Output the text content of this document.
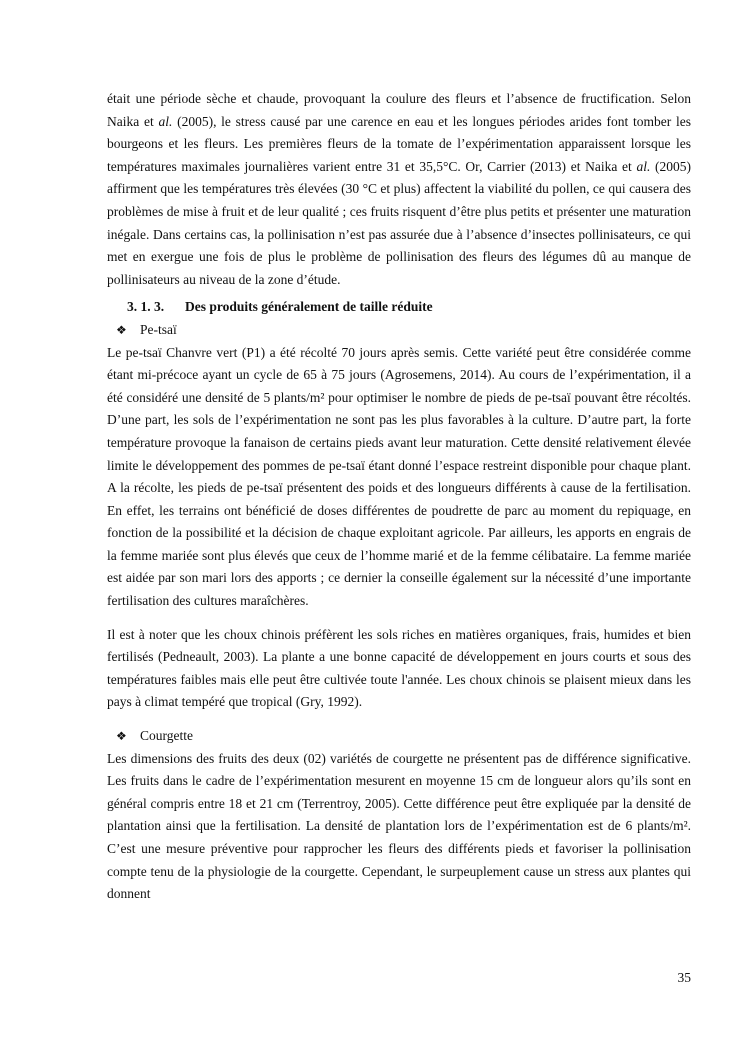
était une période sèche et chaude, provoquant la coulure des fleurs et l’absence de fructification. Selon Naika et al. (2005), le stress causé par une carence en eau et les longues périodes arides font tomber les bourgeons et les fleurs. Les premières fleurs de la tomate de l’expérimentation apparaissent lorsque les températures maximales journalières varient entre 31 et 35,5°C. Or, Carrier (2013) et Naika et al. (2005) affirment que les températures très élevées (30 °C et plus) affectent la viabilité du pollen, ce qui causera des problèmes de mise à fruit et de leur qualité ; ces fruits risquent d’être plus petits et présenter une maturation inégale. Dans certains cas, la pollinisation n’est pas assurée due à l’absence d’insectes pollinisateurs, ce qui met en exergue une fois de plus le problème de pollinisation des fleurs des légumes dû au manque de pollinisateurs au niveau de la zone d’étude.

3. 1. 3. Des produits généralement de taille réduite
❖ Pe-tsaï

Le pe-tsaï Chanvre vert (P1) a été récolté 70 jours après semis. Cette variété peut être considérée comme étant mi-précoce ayant un cycle de 65 à 75 jours (Agrosemens, 2014). Au cours de l’expérimentation, il a été considéré une densité de 5 plants/m² pour optimiser le nombre de pieds de pe-tsaï pouvant être récoltés. D’une part, les sols de l’expérimentation ne sont pas les plus favorables à la culture. D’autre part, la forte température provoque la fanaison de certains pieds avant leur maturation. Cette densité relativement élevée limite le développement des pommes de pe-tsaï étant donné l’espace restreint disponible pour chaque plant. A la récolte, les pieds de pe-tsaï présentent des poids et des longueurs différents à cause de la fertilisation. En effet, les terrains ont bénéficié de doses différentes de poudrette de parc au moment du repiquage, en fonction de la possibilité et la décision de chaque exploitant agricole. Par ailleurs, les apports en engrais de la femme mariée sont plus élevés que ceux de l’homme marié et de la femme célibataire. La femme mariée est aidée par son mari lors des apports ; ce dernier la conseille également sur la nécessité d’une importante fertilisation des cultures maraîchères.

Il est à noter que les choux chinois préfèrent les sols riches en matières organiques, frais, humides et bien fertilisés (Pedneault, 2003). La plante a une bonne capacité de développement en jours courts et sous des températures faibles mais elle peut être cultivée toute l'année. Les choux chinois se plaisent mieux dans les pays à climat tempéré que tropical (Gry, 1992).

❖ Courgette

Les dimensions des fruits des deux (02) variétés de courgette ne présentent pas de différence significative. Les fruits dans le cadre de l’expérimentation mesurent en moyenne 15 cm de longueur alors qu’ils sont en général compris entre 18 et 21 cm (Terrentroy, 2005). Cette différence peut être expliquée par la densité de plantation ainsi que la fertilisation. La densité de plantation lors de l’expérimentation est de 6 plants/m². C’est une mesure préventive pour rapprocher les fleurs des différents pieds et favoriser la pollinisation compte tenu de la physiologie de la courgette. Cependant, le surpeuplement cause un stress aux plantes qui donnent

35
